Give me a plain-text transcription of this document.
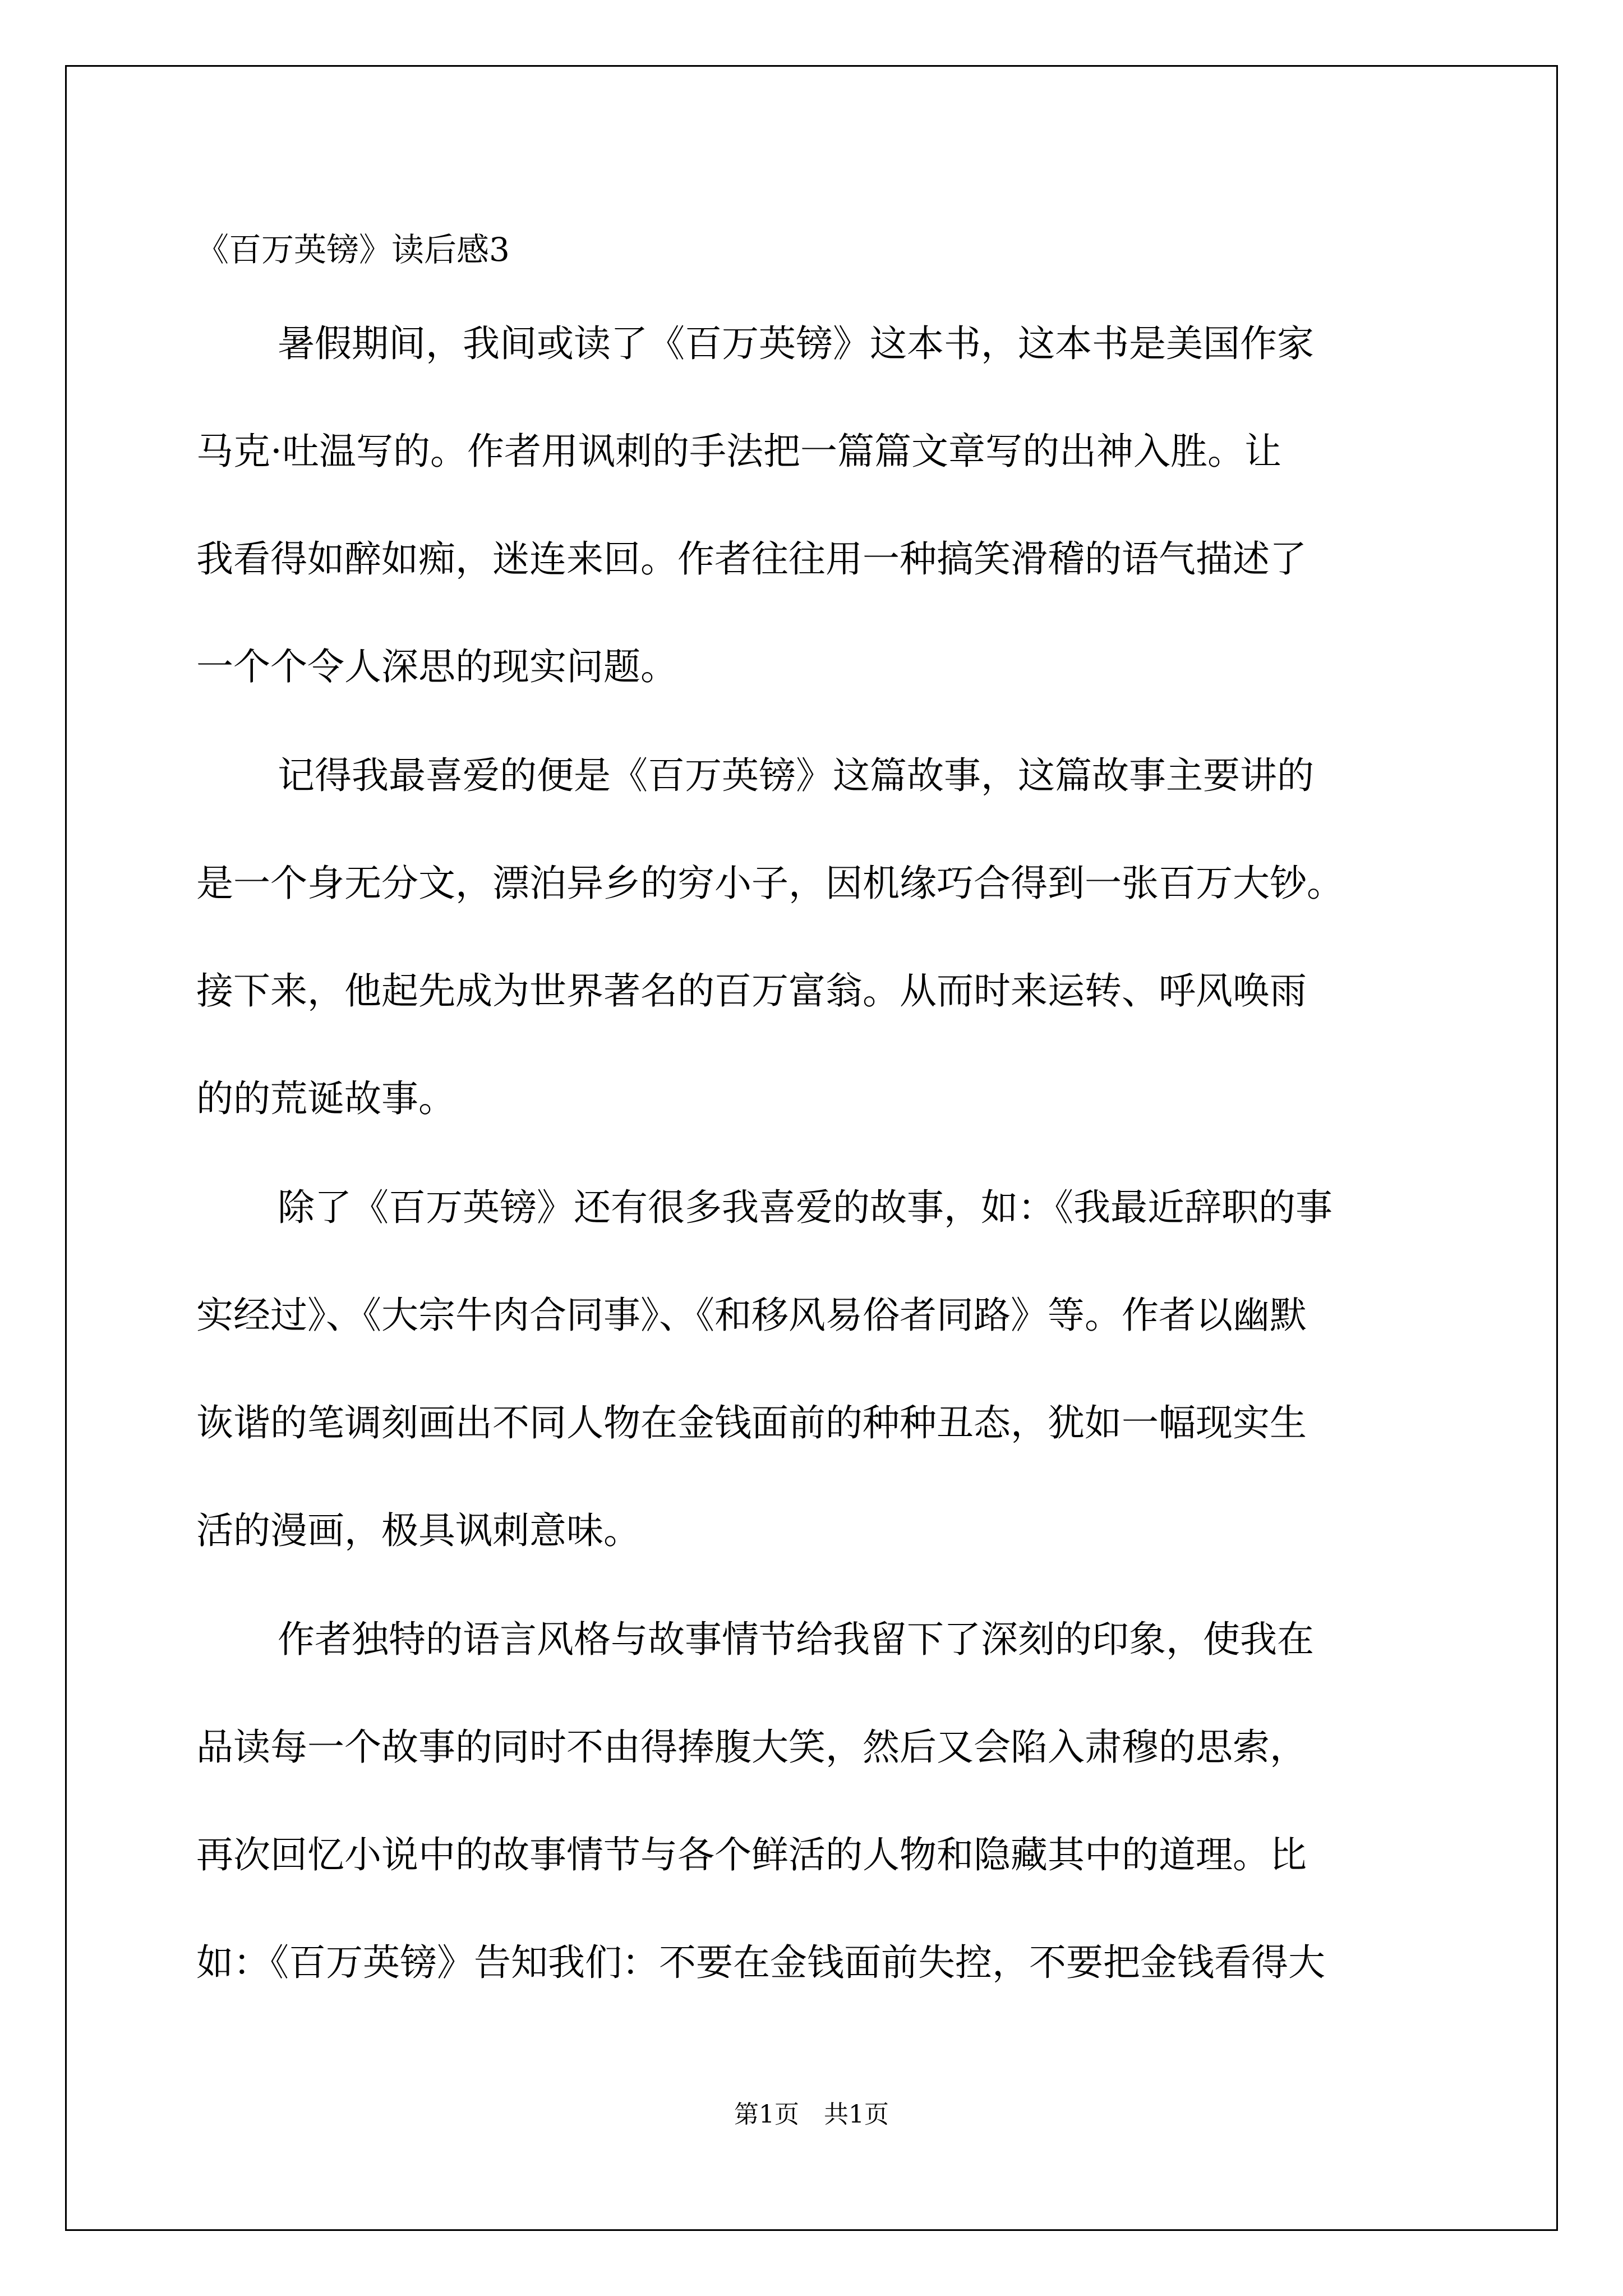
《百万英镑》读后感3
暑假期间，我间或读了《百万英镑》这本书，这本书是美国作家
马克·吐温写的。作者用讽刺的手法把一篇篇文章写的出神入胜。让
我看得如醉如痴，迷连来回。作者往往用一种搞笑滑稽的语气描述了
一个个令人深思的现实问题。
记得我最喜爱的便是《百万英镑》这篇故事，这篇故事主要讲的
是一个身无分文，漂泊异乡的穷小子，因机缘巧合得到一张百万大钞。
接下来，他起先成为世界著名的百万富翁。从而时来运转、呼风唤雨
的的荒诞故事。
除了《百万英镑》还有很多我喜爱的故事，如：《我最近辞职的事
实经过》、《大宗牛肉合同事》、《和移风易俗者同路》等。作者以幽默
诙谐的笔调刻画出不同人物在金钱面前的种种丑态，犹如一幅现实生
活的漫画，极具讽刺意味。
作者独特的语言风格与故事情节给我留下了深刻的印象，使我在
品读每一个故事的同时不由得捧腹大笑，然后又会陷入肃穆的思索，
再次回忆小说中的故事情节与各个鲜活的人物和隐藏其中的道理。比
如：《百万英镑》告知我们：不要在金钱面前失控，不要把金钱看得大
第1页　共1页
